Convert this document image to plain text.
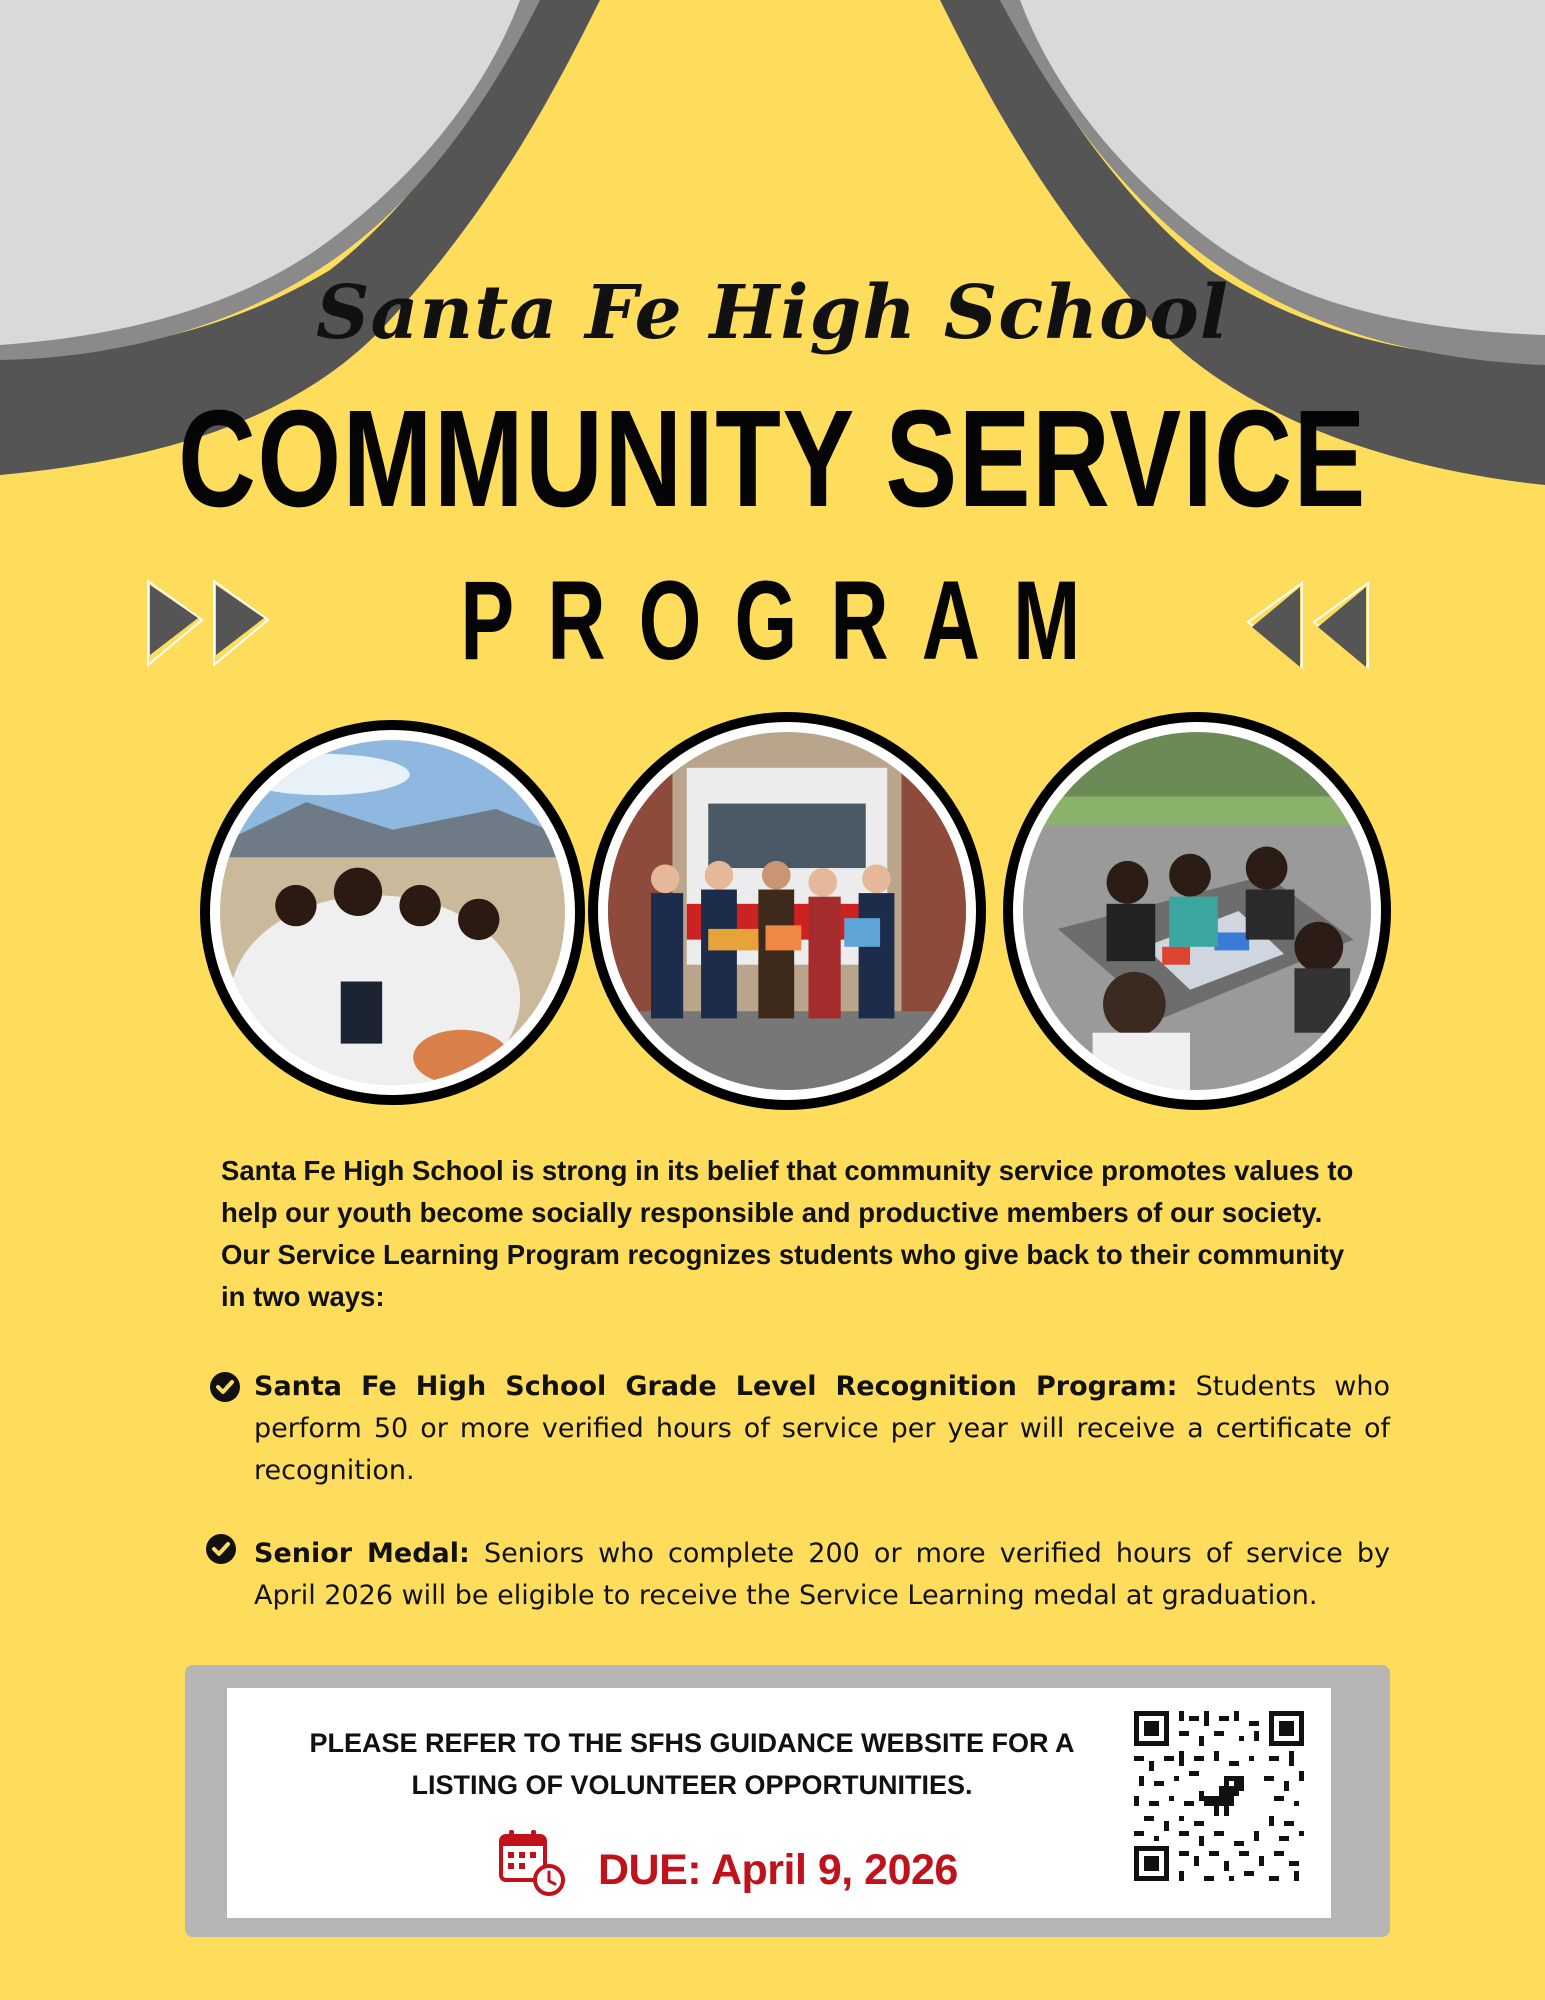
Santa Fe High School
COMMUNITY SERVICE
PROGRAM

Santa Fe High School is strong in its belief that community service promotes values to help our youth become socially responsible and productive members of our society. Our Service Learning Program recognizes students who give back to their community in two ways:

Santa Fe High School Grade Level Recognition Program: Students who perform 50 or more verified hours of service per year will receive a certificate of recognition.
Senior Medal: Seniors who complete 200 or more verified hours of service by April 2026 will be eligible to receive the Service Learning medal at graduation.

PLEASE REFER TO THE SFHS GUIDANCE WEBSITE FOR A LISTING OF VOLUNTEER OPPORTUNITIES.

DUE: April 9, 2026
